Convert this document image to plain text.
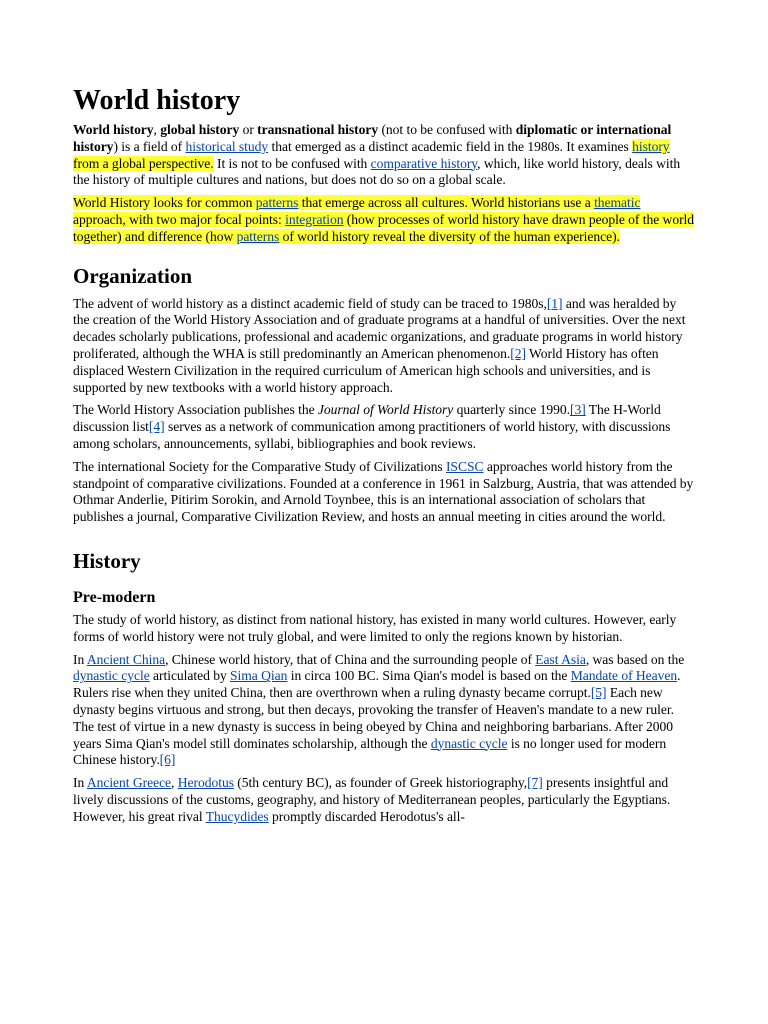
World history

World history, global history or transnational history (not to be confused with diplomatic or international history) is a field of historical study that emerged as a distinct academic field in the 1980s. It examines history from a global perspective. It is not to be confused with comparative history, which, like world history, deals with the history of multiple cultures and nations, but does not do so on a global scale.

World History looks for common patterns that emerge across all cultures. World historians use a thematic approach, with two major focal points: integration (how processes of world history have drawn people of the world together) and difference (how patterns of world history reveal the diversity of the human experience).

Organization

The advent of world history as a distinct academic field of study can be traced to 1980s,[1] and was heralded by the creation of the World History Association and of graduate programs at a handful of universities. Over the next decades scholarly publications, professional and academic organizations, and graduate programs in world history proliferated, although the WHA is still predominantly an American phenomenon.[2] World History has often displaced Western Civilization in the required curriculum of American high schools and universities, and is supported by new textbooks with a world history approach.

The World History Association publishes the Journal of World History quarterly since 1990.[3] The H-World discussion list[4] serves as a network of communication among practitioners of world history, with discussions among scholars, announcements, syllabi, bibliographies and book reviews.

The international Society for the Comparative Study of Civilizations ISCSC approaches world history from the standpoint of comparative civilizations. Founded at a conference in 1961 in Salzburg, Austria, that was attended by Othmar Anderlie, Pitirim Sorokin, and Arnold Toynbee, this is an international association of scholars that publishes a journal, Comparative Civilization Review, and hosts an annual meeting in cities around the world.

History
Pre-modern

The study of world history, as distinct from national history, has existed in many world cultures. However, early forms of world history were not truly global, and were limited to only the regions known by historian.

In Ancient China, Chinese world history, that of China and the surrounding people of East Asia, was based on the dynastic cycle articulated by Sima Qian in circa 100 BC. Sima Qian's model is based on the Mandate of Heaven. Rulers rise when they united China, then are overthrown when a ruling dynasty became corrupt.[5] Each new dynasty begins virtuous and strong, but then decays, provoking the transfer of Heaven's mandate to a new ruler. The test of virtue in a new dynasty is success in being obeyed by China and neighboring barbarians. After 2000 years Sima Qian's model still dominates scholarship, although the dynastic cycle is no longer used for modern Chinese history.[6]

In Ancient Greece, Herodotus (5th century BC), as founder of Greek historiography,[7] presents insightful and lively discussions of the customs, geography, and history of Mediterranean peoples, particularly the Egyptians. However, his great rival Thucydides promptly discarded Herodotus's all-
